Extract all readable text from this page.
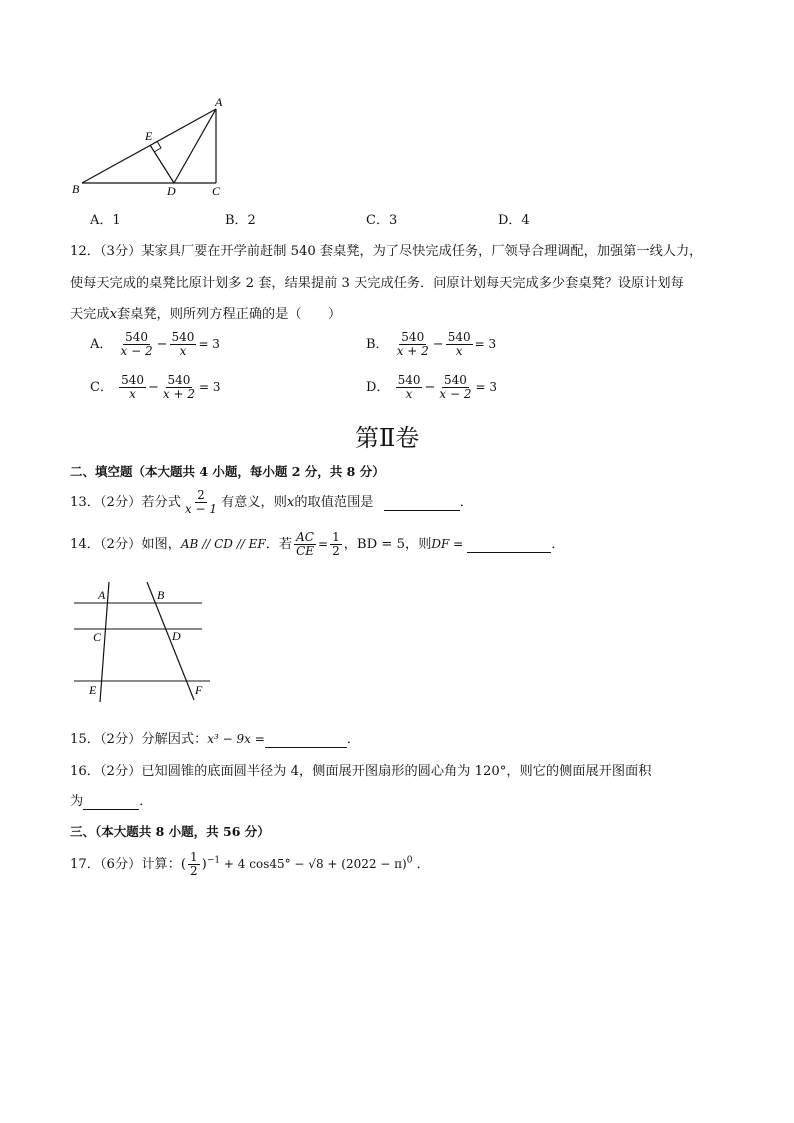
A
B	C
D
E
A．1	B．2	C．3	D．4
12．（3分）某家具厂要在开学前赶制 540 套桌凳，为了尽快完成任务，厂领导合理调配，加强第一线人力，
使每天完成的桌凳比原计划多 2 套，结果提前 3 天完成任务．问原计划每天完成多少套桌凳？设原计划每
天完成x套桌凳，则所列方程正确的是（　　）
A． $\frac{540}{x - 2} - \frac{540}{x} = 3$	B． $\frac{540}{x + 2} - \frac{540}{x} = 3$
C． $\frac{540}{x} - \frac{540}{x + 2} = 3$	D． $\frac{540}{x} - \frac{540}{x - 2} = 3$
第Ⅱ卷
二、填空题（本大题共 4 小题，每小题 2 分，共 8 分）
13．（2分）若分式 $\frac{2}{x - 1}$ 有意义，则x的取值范围是	．
14．（2分）如图，AB // CD // EF．若 $\frac{AC}{CE} = \frac{1}{2}$ ，BD = 5，则DF =	．
A	B
C	D
E	F
15．（2分）分解因式：x³ − 9x =	．
16．（2分）已知圆锥的底面圆半径为 4，侧面展开图扇形的圆心角为 120°，则它的侧面展开图面积
为	．
三、（本大题共 8 小题，共 56 分）
17．（6分）计算：( $\frac{1}{2} )^{-1} + 4$ $\cos 45^\circ - √8 + (2022 - \pi)^0$ ．
